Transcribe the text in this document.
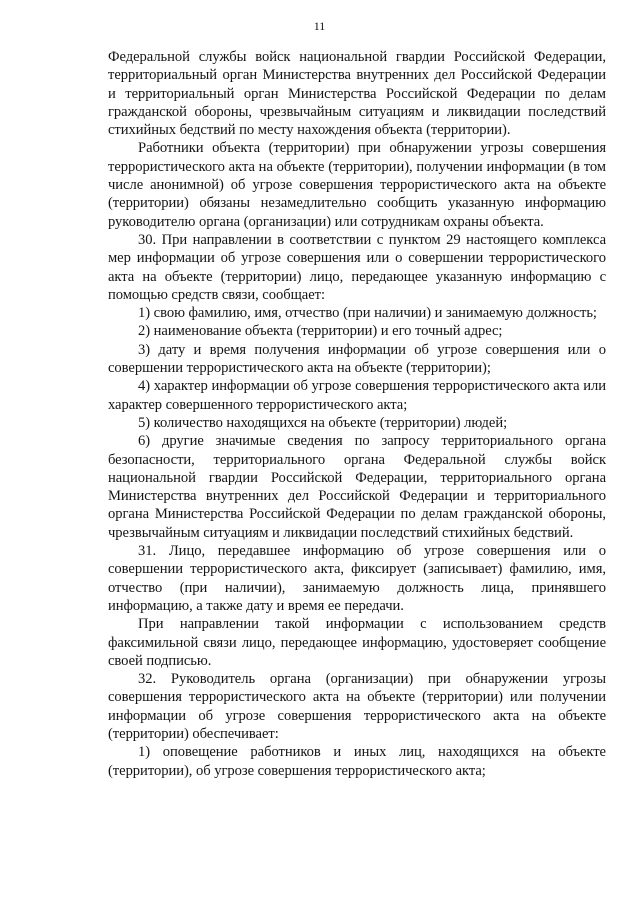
11

Федеральной службы войск национальной гвардии Российской Федерации, территориальный орган Министерства внутренних дел Российской Федерации и территориальный орган Министерства Российской Федерации по делам гражданской обороны, чрезвычайным ситуациям и ликвидации последствий стихийных бедствий по месту нахождения объекта (территории).

Работники объекта (территории) при обнаружении угрозы совершения террористического акта на объекте (территории), получении информации (в том числе анонимной) об угрозе совершения террористического акта на объекте (территории) обязаны незамедлительно сообщить указанную информацию руководителю органа (организации) или сотрудникам охраны объекта.

30. При направлении в соответствии с пунктом 29 настоящего комплекса мер информации об угрозе совершения или о совершении террористического акта на объекте (территории) лицо, передающее указанную информацию с помощью средств связи, сообщает:

1) свою фамилию, имя, отчество (при наличии) и занимаемую должность;

2) наименование объекта (территории) и его точный адрес;

3) дату и время получения информации об угрозе совершения или о совершении террористического акта на объекте (территории);

4) характер информации об угрозе совершения террористического акта или характер совершенного террористического акта;

5) количество находящихся на объекте (территории) людей;

6) другие значимые сведения по запросу территориального органа безопасности, территориального органа Федеральной службы войск национальной гвардии Российской Федерации, территориального органа Министерства внутренних дел Российской Федерации и территориального органа Министерства Российской Федерации по делам гражданской обороны, чрезвычайным ситуациям и ликвидации последствий стихийных бедствий.

31. Лицо, передавшее информацию об угрозе совершения или о совершении террористического акта, фиксирует (записывает) фамилию, имя, отчество (при наличии), занимаемую должность лица, принявшего информацию, а также дату и время ее передачи.

При направлении такой информации с использованием средств факсимильной связи лицо, передающее информацию, удостоверяет сообщение своей подписью.

32. Руководитель органа (организации) при обнаружении угрозы совершения террористического акта на объекте (территории) или получении информации об угрозе совершения террористического акта на объекте (территории) обеспечивает:

1) оповещение работников и иных лиц, находящихся на объекте (территории), об угрозе совершения террористического акта;
